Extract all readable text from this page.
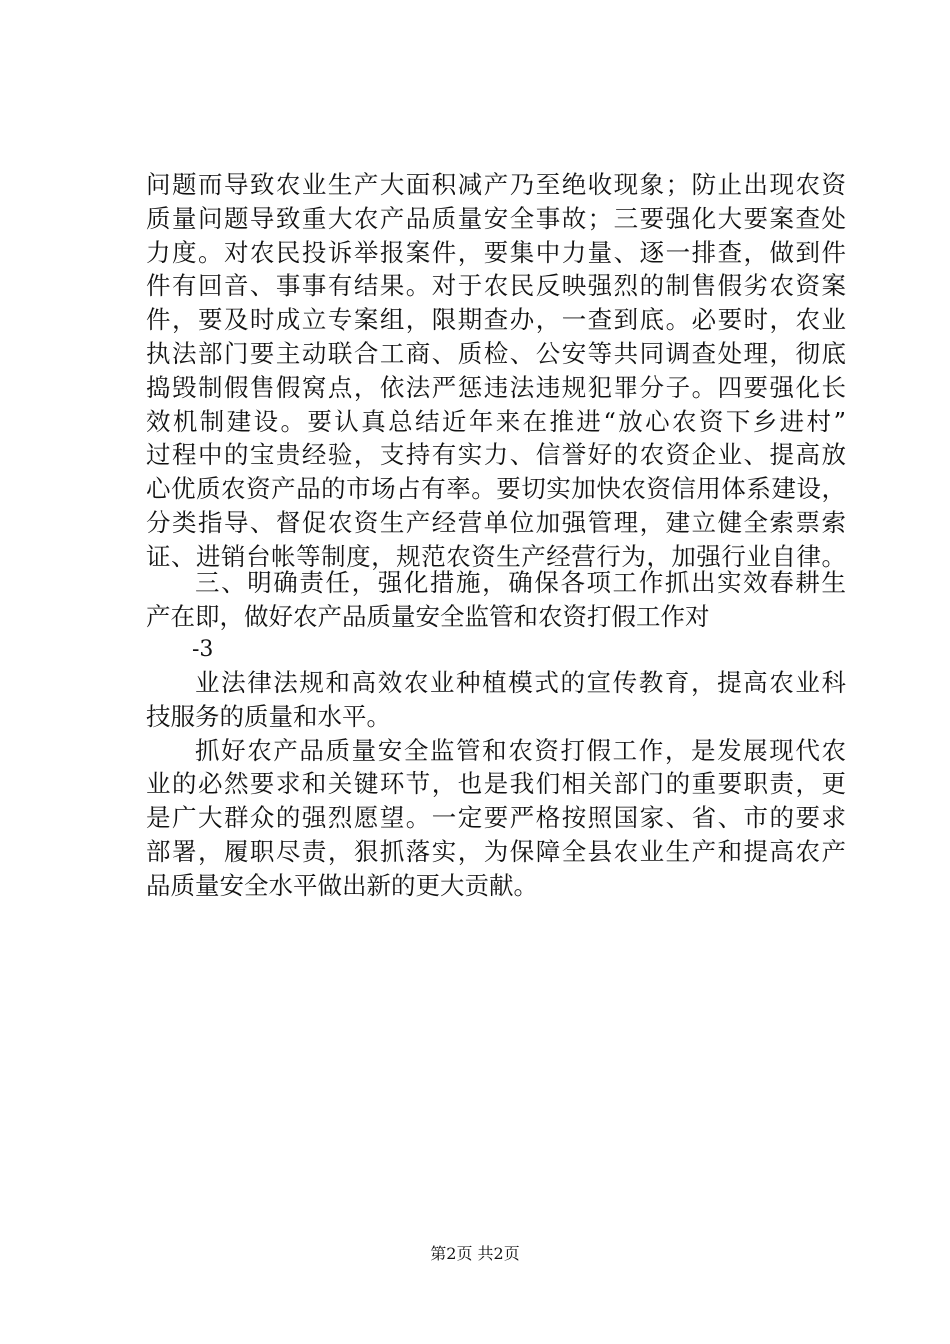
问题而导致农业生产大面积减产乃至绝收现象；防止出现农资
质量问题导致重大农产品质量安全事故；三要强化大要案查处
力度。对农民投诉举报案件，要集中力量、逐一排查，做到件
件有回音、事事有结果。对于农民反映强烈的制售假劣农资案
件，要及时成立专案组，限期查办，一查到底。必要时，农业
执法部门要主动联合工商、质检、公安等共同调查处理，彻底
捣毁制假售假窝点，依法严惩违法违规犯罪分子。四要强化长
效机制建设。要认真总结近年来在推进“放心农资下乡进村”
过程中的宝贵经验，支持有实力、信誉好的农资企业、提高放
心优质农资产品的市场占有率。要切实加快农资信用体系建设，
分类指导、督促农资生产经营单位加强管理，建立健全索票索
证、进销台帐等制度，规范农资生产经营行为，加强行业自律。
三、明确责任，强化措施，确保各项工作抓出实效春耕生
产在即，做好农产品质量安全监管和农资打假工作对
-3
业法律法规和高效农业种植模式的宣传教育，提高农业科
技服务的质量和水平。
抓好农产品质量安全监管和农资打假工作，是发展现代农
业的必然要求和关键环节，也是我们相关部门的重要职责，更
是广大群众的强烈愿望。一定要严格按照国家、省、市的要求
部署，履职尽责，狠抓落实，为保障全县农业生产和提高农产
品质量安全水平做出新的更大贡献。
第2页 共2页
